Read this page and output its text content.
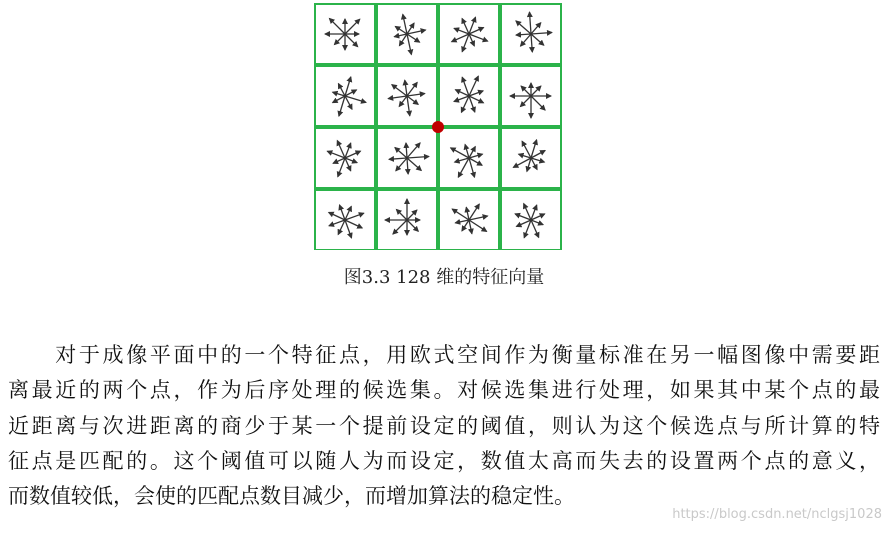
图3.3 128 维的特征向量
　　对于成像平面中的一个特征点，用欧式空间作为衡量标准在另一幅图像中需要距
离最近的两个点，作为后序处理的候选集。对候选集进行处理，如果其中某个点的最
近距离与次进距离的商少于某一个提前设定的阈值，则认为这个候选点与所计算的特
征点是匹配的。这个阈值可以随人为而设定，数值太高而失去的设置两个点的意义，
而数值较低，会使的匹配点数目减少，而增加算法的稳定性。
https://blog.csdn.net/nclgsj1028
